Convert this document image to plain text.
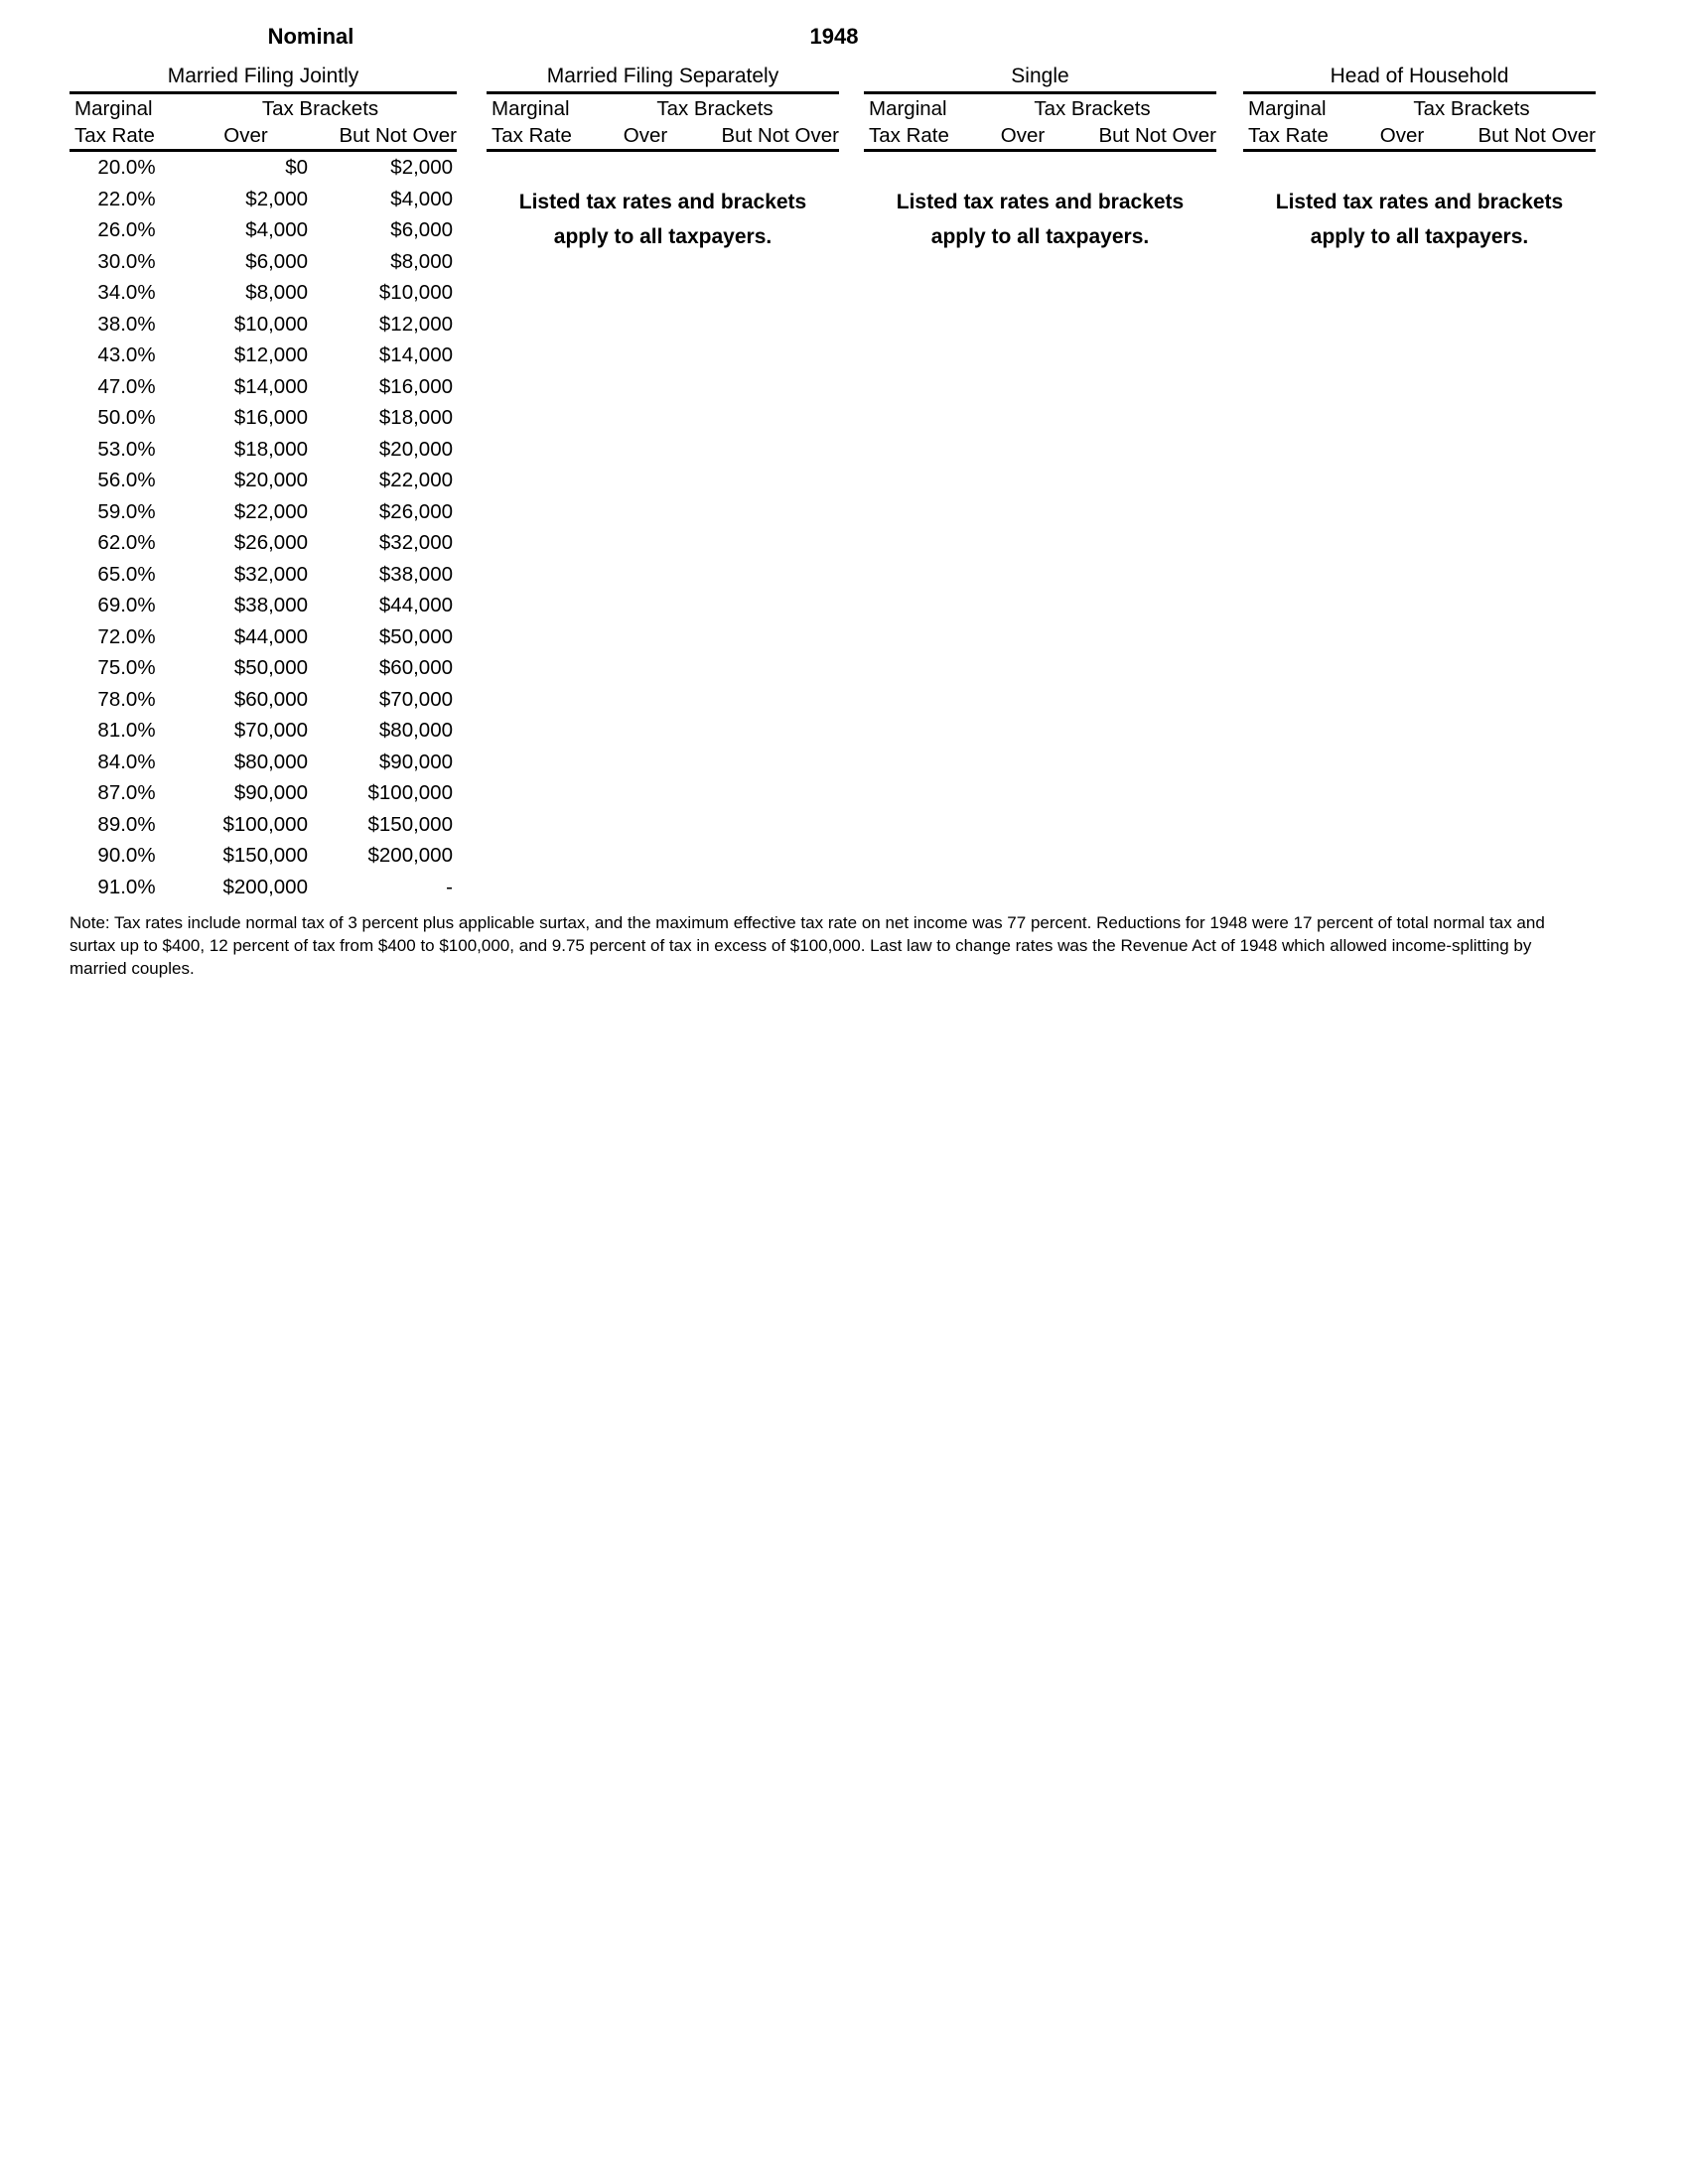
Nominal	1948
Married Filing Jointly
Marginal	Tax Brackets
Tax Rate	Over	But Not Over
20.0%	$0	$2,000
22.0%	$2,000	$4,000
26.0%	$4,000	$6,000
30.0%	$6,000	$8,000
34.0%	$8,000	$10,000
38.0%	$10,000	$12,000
43.0%	$12,000	$14,000
47.0%	$14,000	$16,000
50.0%	$16,000	$18,000
53.0%	$18,000	$20,000
56.0%	$20,000	$22,000
59.0%	$22,000	$26,000
62.0%	$26,000	$32,000
65.0%	$32,000	$38,000
69.0%	$38,000	$44,000
72.0%	$44,000	$50,000
75.0%	$50,000	$60,000
78.0%	$60,000	$70,000
81.0%	$70,000	$80,000
84.0%	$80,000	$90,000
87.0%	$90,000	$100,000
89.0%	$100,000	$150,000
90.0%	$150,000	$200,000
91.0%	$200,000	-
Married Filing Separately
Marginal	Tax Brackets
Tax Rate	Over	But Not Over
Listed tax rates and brackets
apply to all taxpayers.
Single
Marginal	Tax Brackets
Tax Rate	Over	But Not Over
Listed tax rates and brackets
apply to all taxpayers.
Head of Household
Marginal	Tax Brackets
Tax Rate	Over	But Not Over
Listed tax rates and brackets
apply to all taxpayers.

Note: Tax rates include normal tax of 3 percent plus applicable surtax, and the maximum effective tax rate on net income was 77 percent. Reductions for 1948 were 17 percent of total normal tax and surtax up to $400, 12 percent of tax from $400 to $100,000, and 9.75 percent of tax in excess of $100,000. Last law to change rates was the Revenue Act of 1948 which allowed income-splitting by married couples.
